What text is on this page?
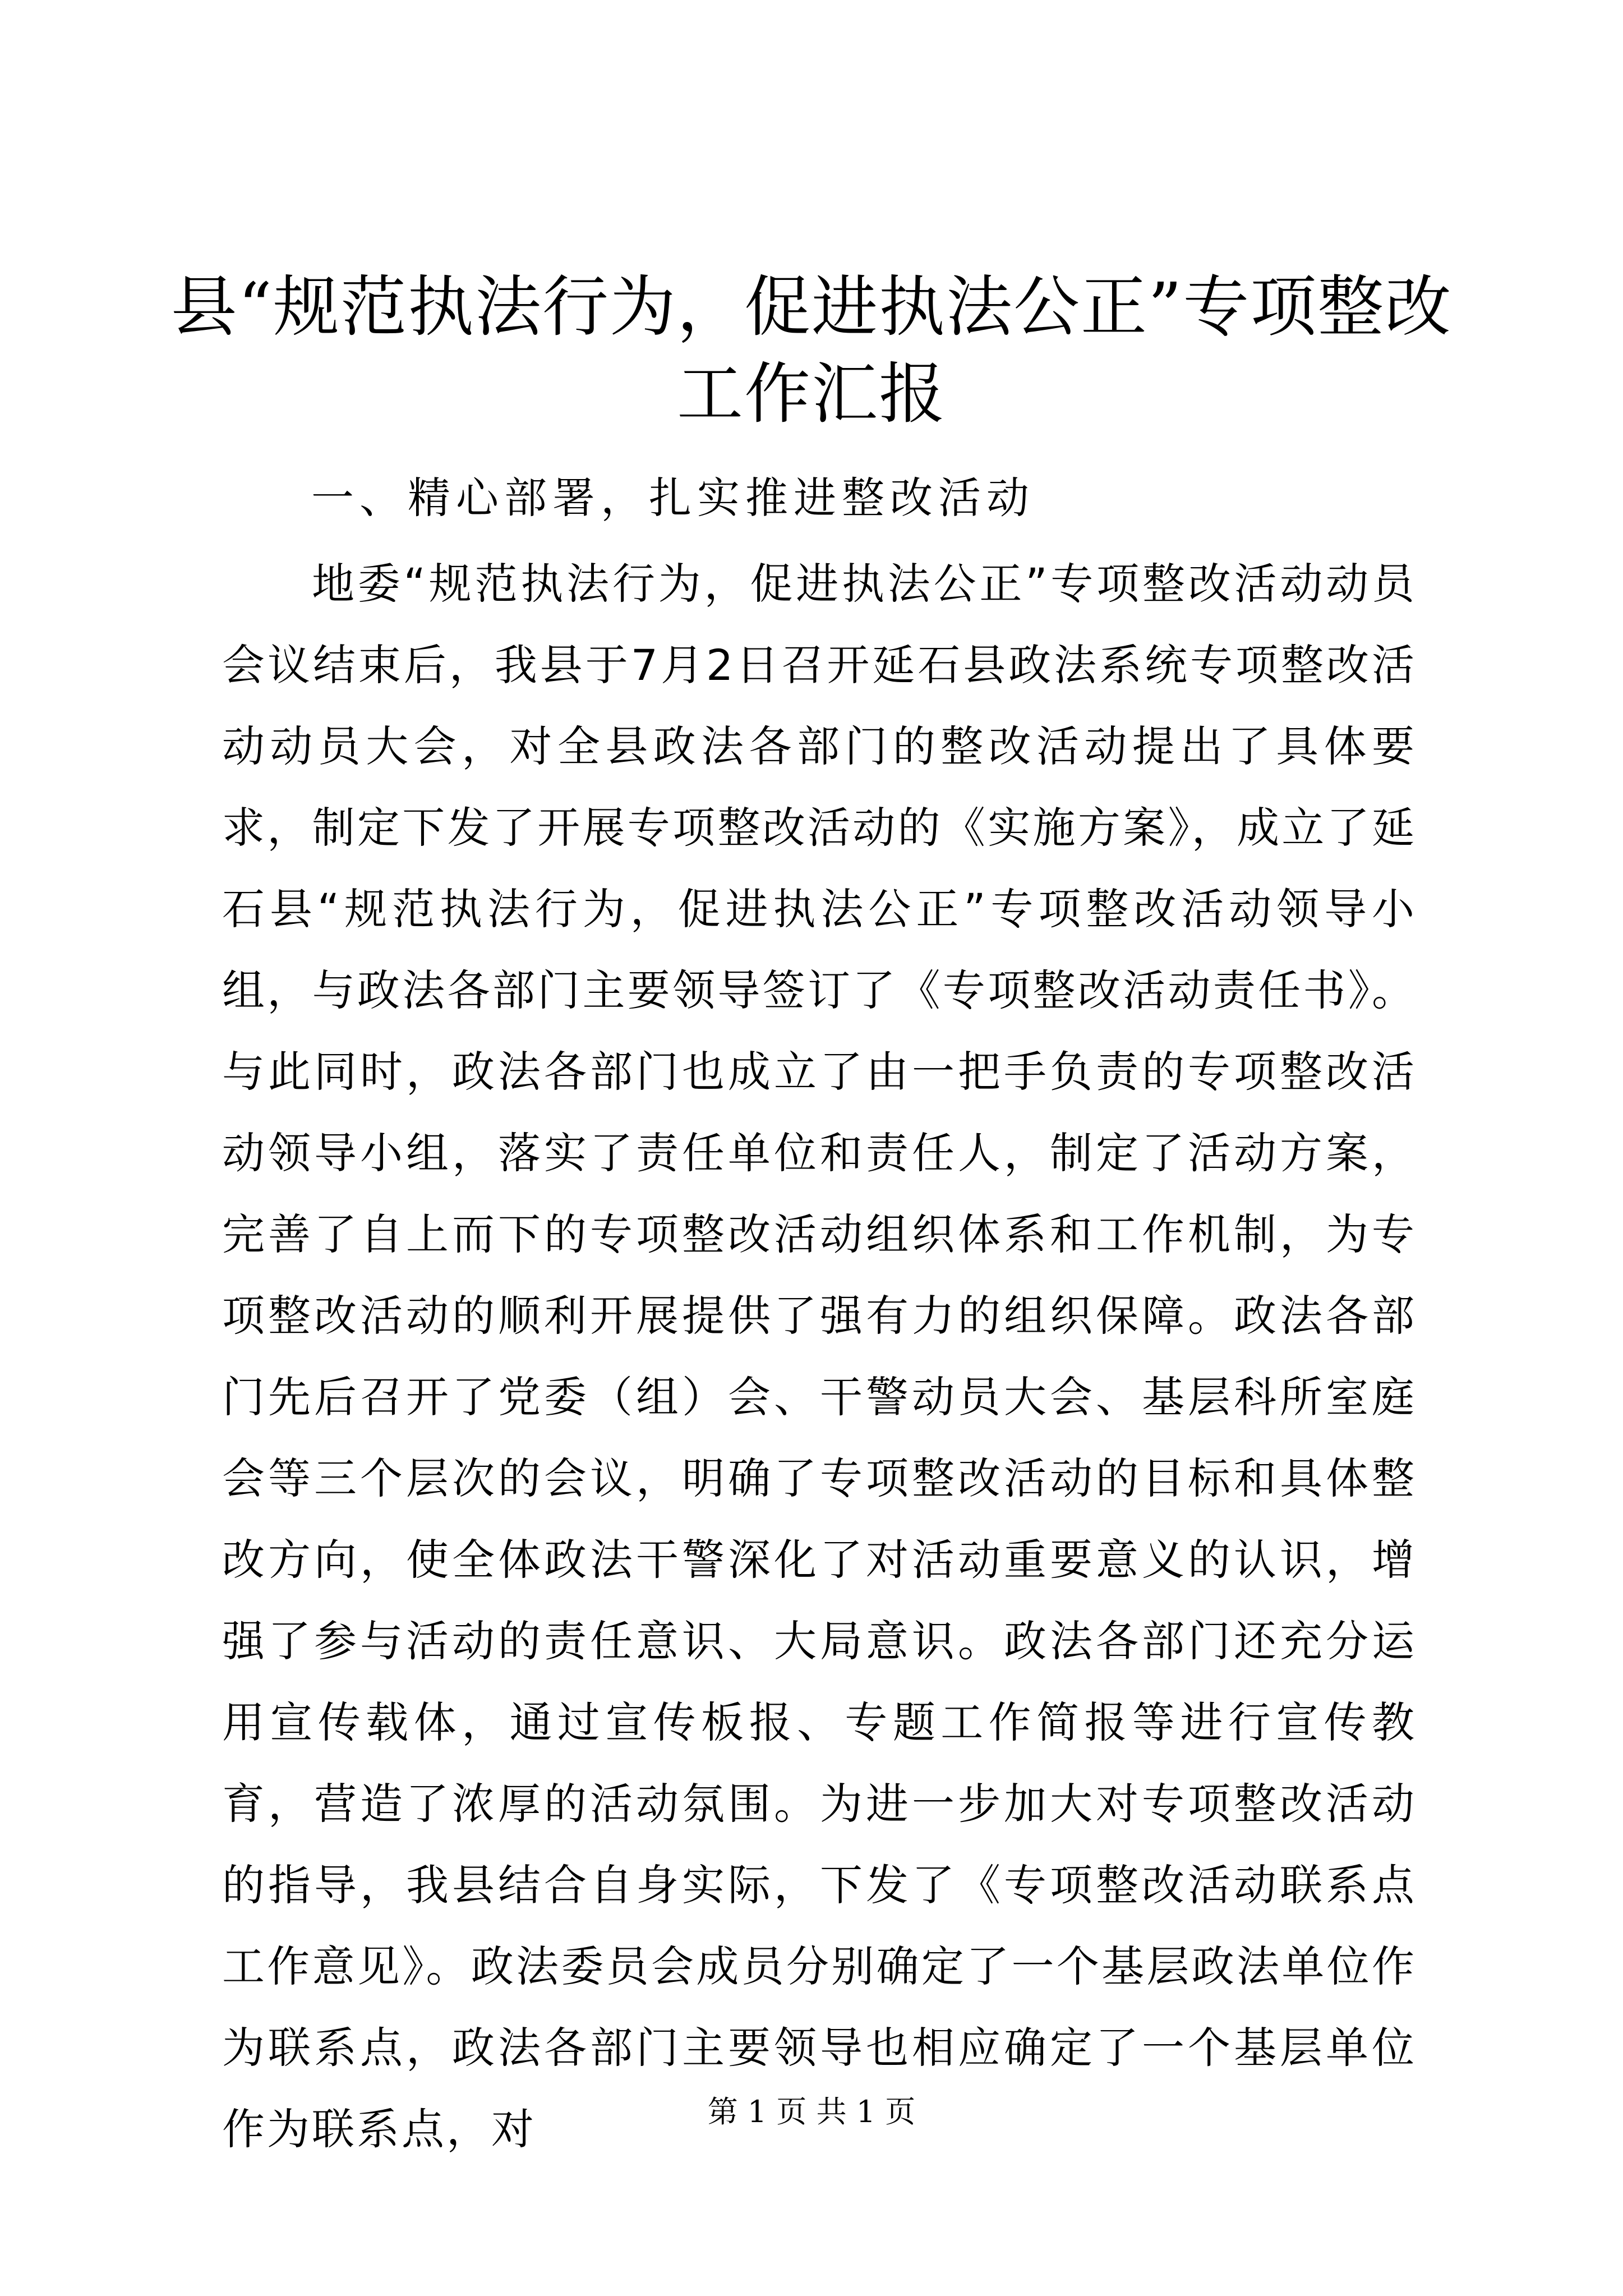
县“规范执法行为，促进执法公正”专项整改工作汇报

一、精心部署，扎实推进整改活动

地委“规范执法行为，促进执法公正”专项整改活动动员会议结束后，我县于7月2日召开延石县政法系统专项整改活动动员大会，对全县政法各部门的整改活动提出了具体要求，制定下发了开展专项整改活动的《实施方案》，成立了延石县“规范执法行为，促进执法公正”专项整改活动领导小组，与政法各部门主要领导签订了《专项整改活动责任书》。与此同时，政法各部门也成立了由一把手负责的专项整改活动领导小组，落实了责任单位和责任人，制定了活动方案，完善了自上而下的专项整改活动组织体系和工作机制，为专项整改活动的顺利开展提供了强有力的组织保障。政法各部门先后召开了党委（组）会、干警动员大会、基层科所室庭会等三个层次的会议，明确了专项整改活动的目标和具体整改方向，使全体政法干警深化了对活动重要意义的认识，增强了参与活动的责任意识、大局意识。政法各部门还充分运用宣传载体，通过宣传板报、专题工作简报等进行宣传教育，营造了浓厚的活动氛围。为进一步加大对专项整改活动的指导，我县结合自身实际，下发了《专项整改活动联系点工作意见》。政法委员会成员分别确定了一个基层政法单位作为联系点，政法各部门主要领导也相应确定了一个基层单位作为联系点，对	第 1 页 共 1 页
